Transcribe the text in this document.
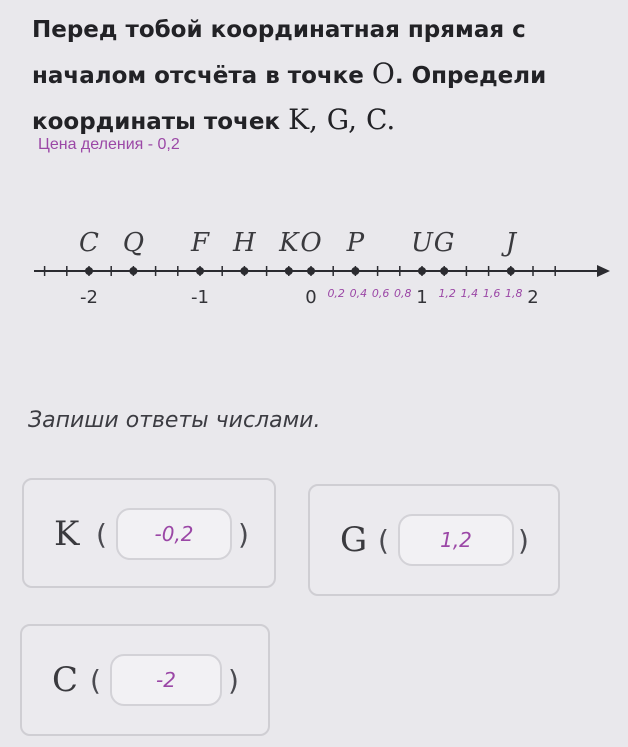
Перед тобой координатная прямая с
началом отсчёта в точке O. Определи
координаты точек K, G, C.
Цена деления - 0,2
C Q F H K O P U G J
-2	-1	0	1	2
0,2 0,4 0,6 0,8 1,2 1,4 1,6 1,8
Запиши ответы числами.
K (	-0,2	)	G (	1,2	)
C (	-2	)
